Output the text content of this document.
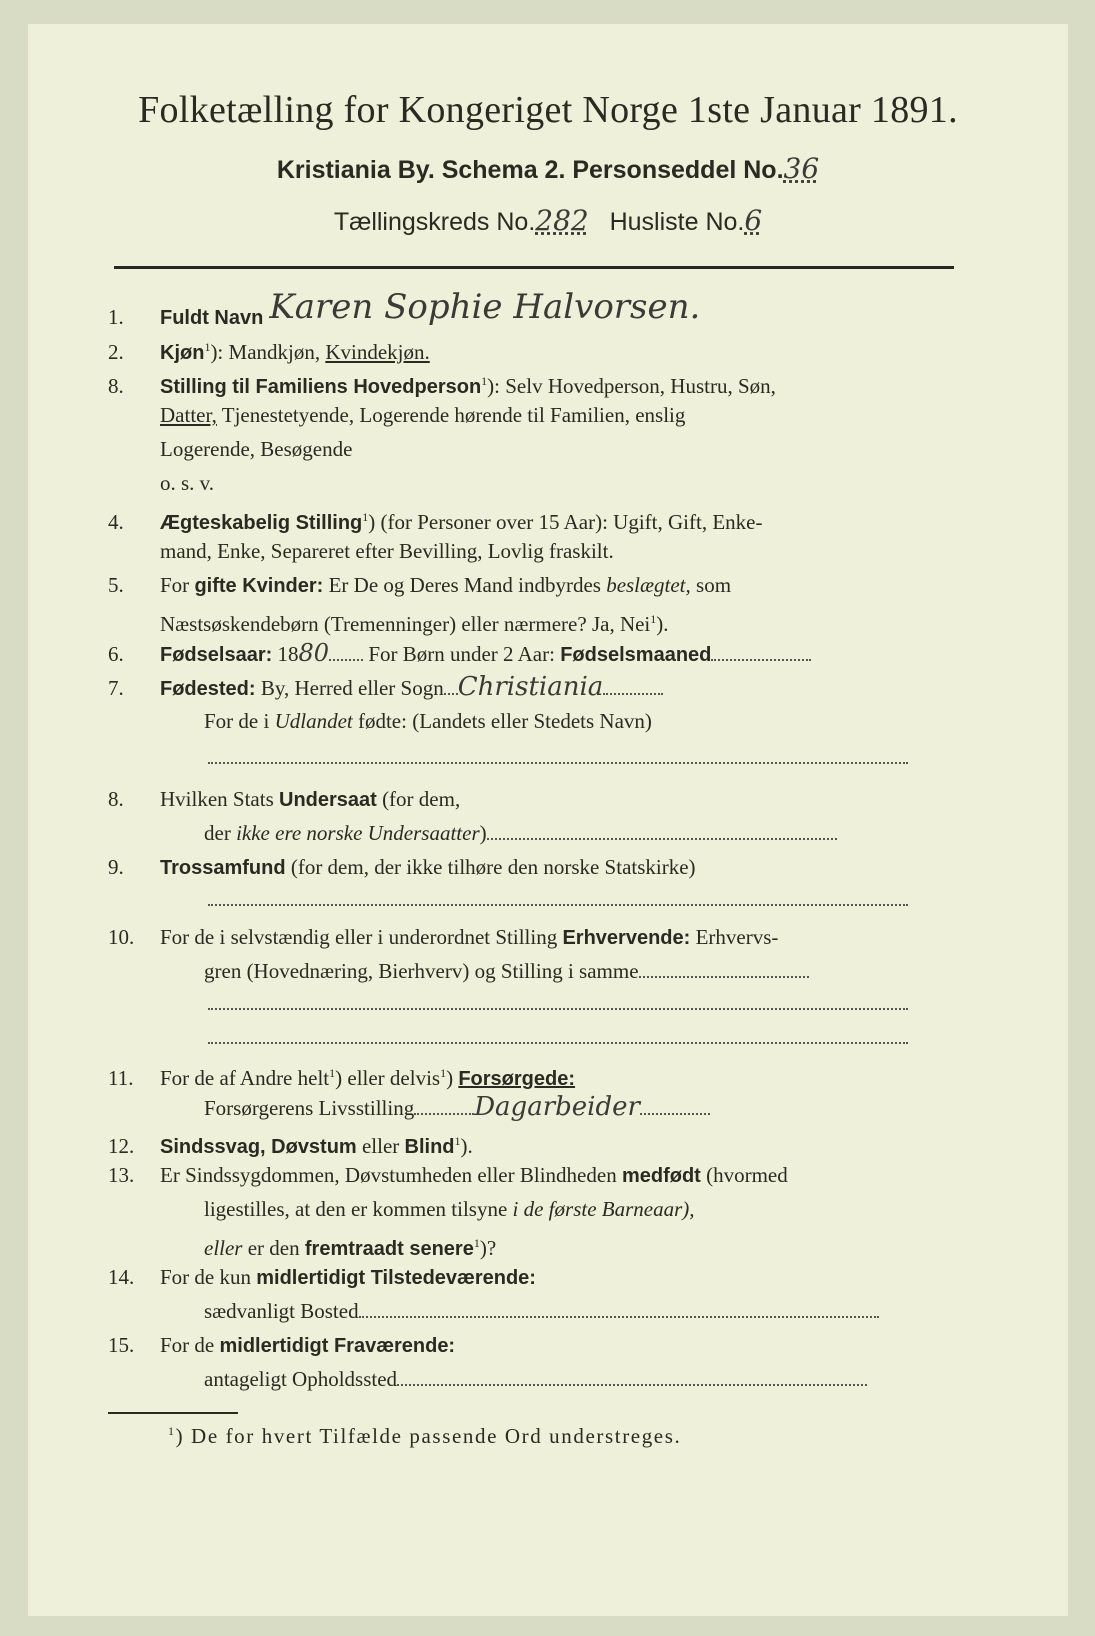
Folketælling for Kongeriget Norge 1ste Januar 1891.
Kristiania By. Schema 2. Personseddel No.36
Tællingskreds No.282 Husliste No.6
1. Fuldt Navn Karen Sophie Halvorsen.
2. Kjøn$^1$): Mandkjøn, Kvindekjøn.
8. Stilling til Familiens Hovedperson$^1$): Selv Hovedperson, Hustru, Søn,
Datter, Tjenestetyende, Logerende hørende til Familien, enslig
Logerende, Besøgende
o. s. v.
4. Ægteskabelig Stilling$^1$) (for Personer over 15 Aar): Ugift, Gift, Enke-
mand, Enke, Separeret efter Bevilling, Lovlig fraskilt.
5. For gifte Kvinder: Er De og Deres Mand indbyrdes beslægtet, som
Næstsøskendebørn (Tremenninger) eller nærmere? Ja, Nei$^1$).
6. Fødselsaar: 1880 For Børn under 2 Aar: Fødselsmaaned
7. Fødested: By, Herred eller Sogn Christiania
For de i Udlandet fødte: (Landets eller Stedets Navn)
8. Hvilken Stats Undersaat (for dem,
der ikke ere norske Undersaatter)
9. Trossamfund (for dem, der ikke tilhøre den norske Statskirke)
10. For de i selvstændig eller i underordnet Stilling Erhvervende: Erhvervs-
gren (Hovednæring, Bierhverv) og Stilling i samme
11. For de af Andre helt$^1$) eller delvis$^1$) Forsørgede:
Forsørgerens Livsstilling Dagarbeider
12. Sindssvag, Døvstum eller Blind$^1$).
13. Er Sindssygdommen, Døvstumheden eller Blindheden medfødt (hvormed
ligestilles, at den er kommen tilsyne i de første Barneaar),
eller er den fremtraadt senere$^1$)?
14. For de kun midlertidigt Tilstedeværende:
sædvanligt Bosted
15. For de midlertidigt Fraværende:
antageligt Opholdssted
$^1$) De for hvert Tilfælde passende Ord understreges.
